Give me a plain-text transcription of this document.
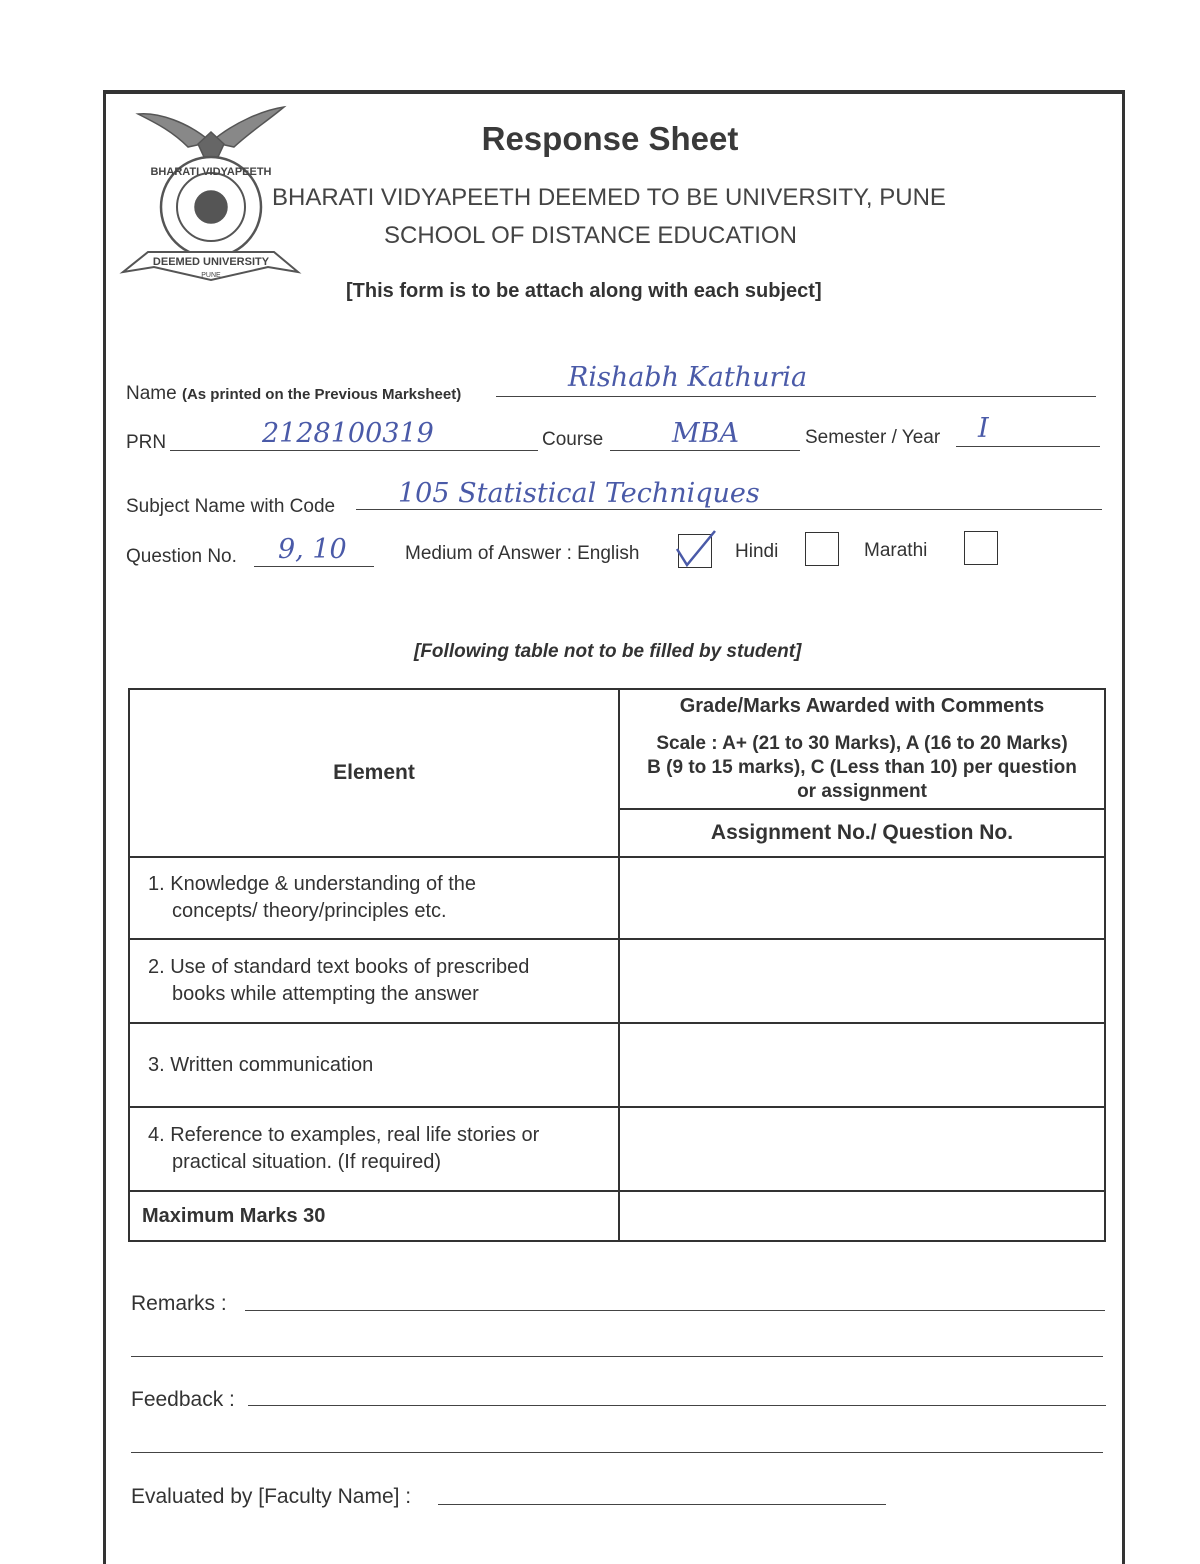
BHARATI VIDYAPEETH
DEEMED UNIVERSITY
PUNE
Response Sheet
BHARATI VIDYAPEETH DEEMED TO BE UNIVERSITY, PUNE
SCHOOL OF DISTANCE EDUCATION
[This form is to be attach along with each subject]
Name (As printed on the Previous Marksheet)
Rishabh Kathuria
PRN	2128100319	Course	MBA	Semester / Year I
Subject Name with Code 105 Statistical Techniques
Question No. 9, 10	Medium of Answer : English	Hindi	Marathi
[Following table not to be filled by student]
Element	Grade/Marks Awarded with Comments
Scale : A+ (21 to 30 Marks), A (16 to 20 Marks)
B (9 to 15 marks), C (Less than 10) per question
or assignment

	Assignment No./ Question No.

1. Knowledge & understanding of the
concepts/ theory/principles etc.	

2. Use of standard text books of prescribed
books while attempting the answer	

3. Written communication	

4. Reference to examples, real life stories or
practical situation. (If required)	

Maximum Marks 30	
Remarks :
Feedback :
Evaluated by [Faculty Name] :
